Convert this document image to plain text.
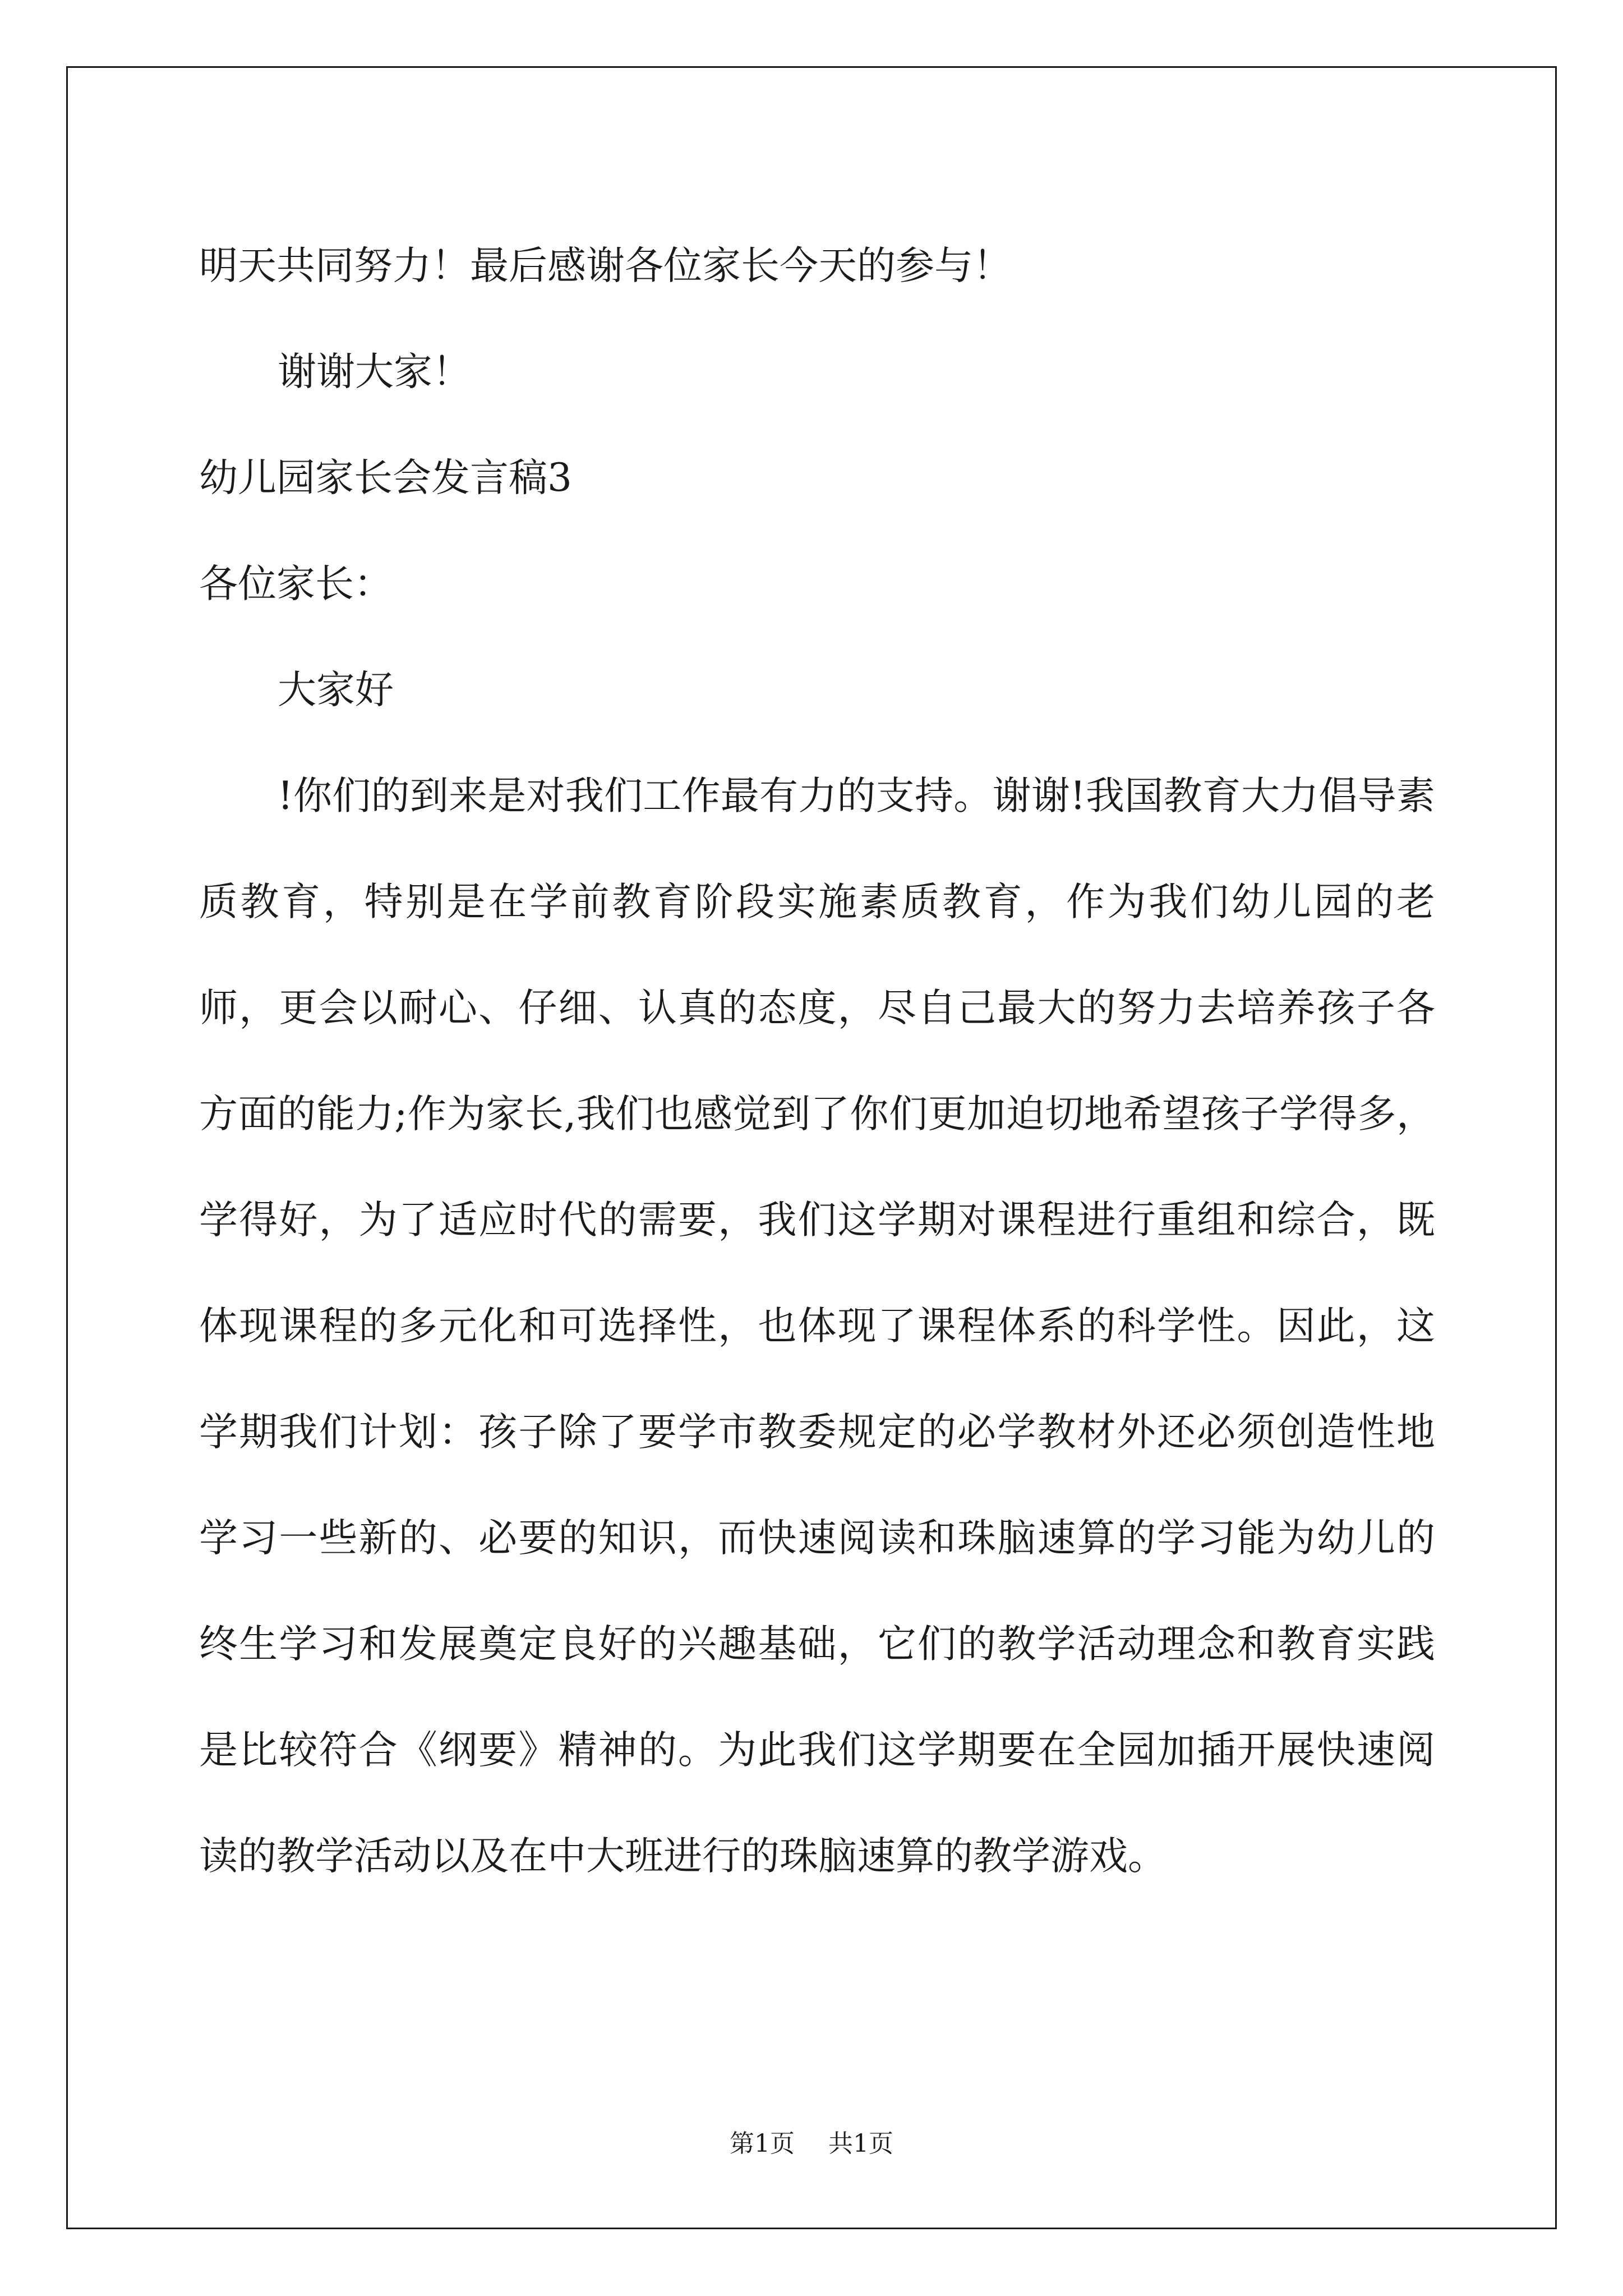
明天共同努力！最后感谢各位家长今天的参与！

谢谢大家！

幼儿园家长会发言稿3

各位家长：

大家好

!你们的到来是对我们工作最有力的支持。谢谢!我国教育大力倡导素质教育，特别是在学前教育阶段实施素质教育，作为我们幼儿园的老师，更会以耐心、仔细、认真的态度，尽自己最大的努力去培养孩子各方面的能力;作为家长,我们也感觉到了你们更加迫切地希望孩子学得多，学得好，为了适应时代的需要，我们这学期对课程进行重组和综合，既体现课程的多元化和可选择性，也体现了课程体系的科学性。因此，这学期我们计划：孩子除了要学市教委规定的必学教材外还必须创造性地学习一些新的、必要的知识，而快速阅读和珠脑速算的学习能为幼儿的终生学习和发展奠定良好的兴趣基础，它们的教学活动理念和教育实践是比较符合《纲要》精神的。为此我们这学期要在全园加插开展快速阅读的教学活动以及在中大班进行的珠脑速算的教学游戏。

第1页 共1页
